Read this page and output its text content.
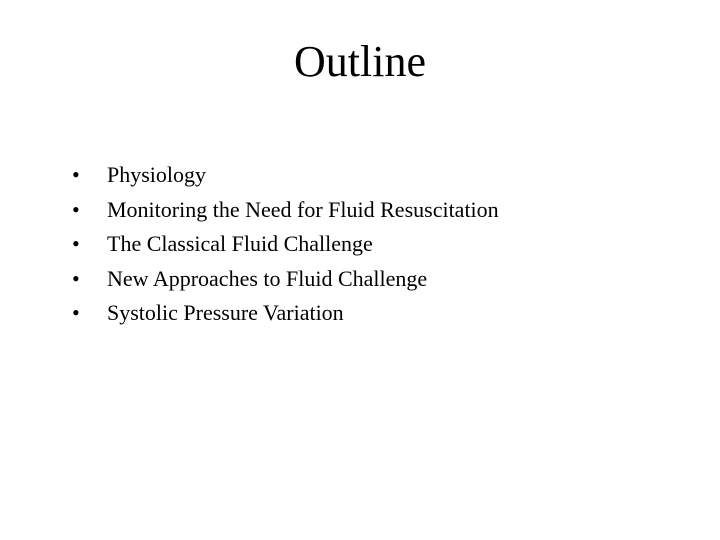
Outline
•	Physiology
•	Monitoring the Need for Fluid Resuscitation
•	The Classical Fluid Challenge
•	New Approaches to Fluid Challenge
•	Systolic Pressure Variation
